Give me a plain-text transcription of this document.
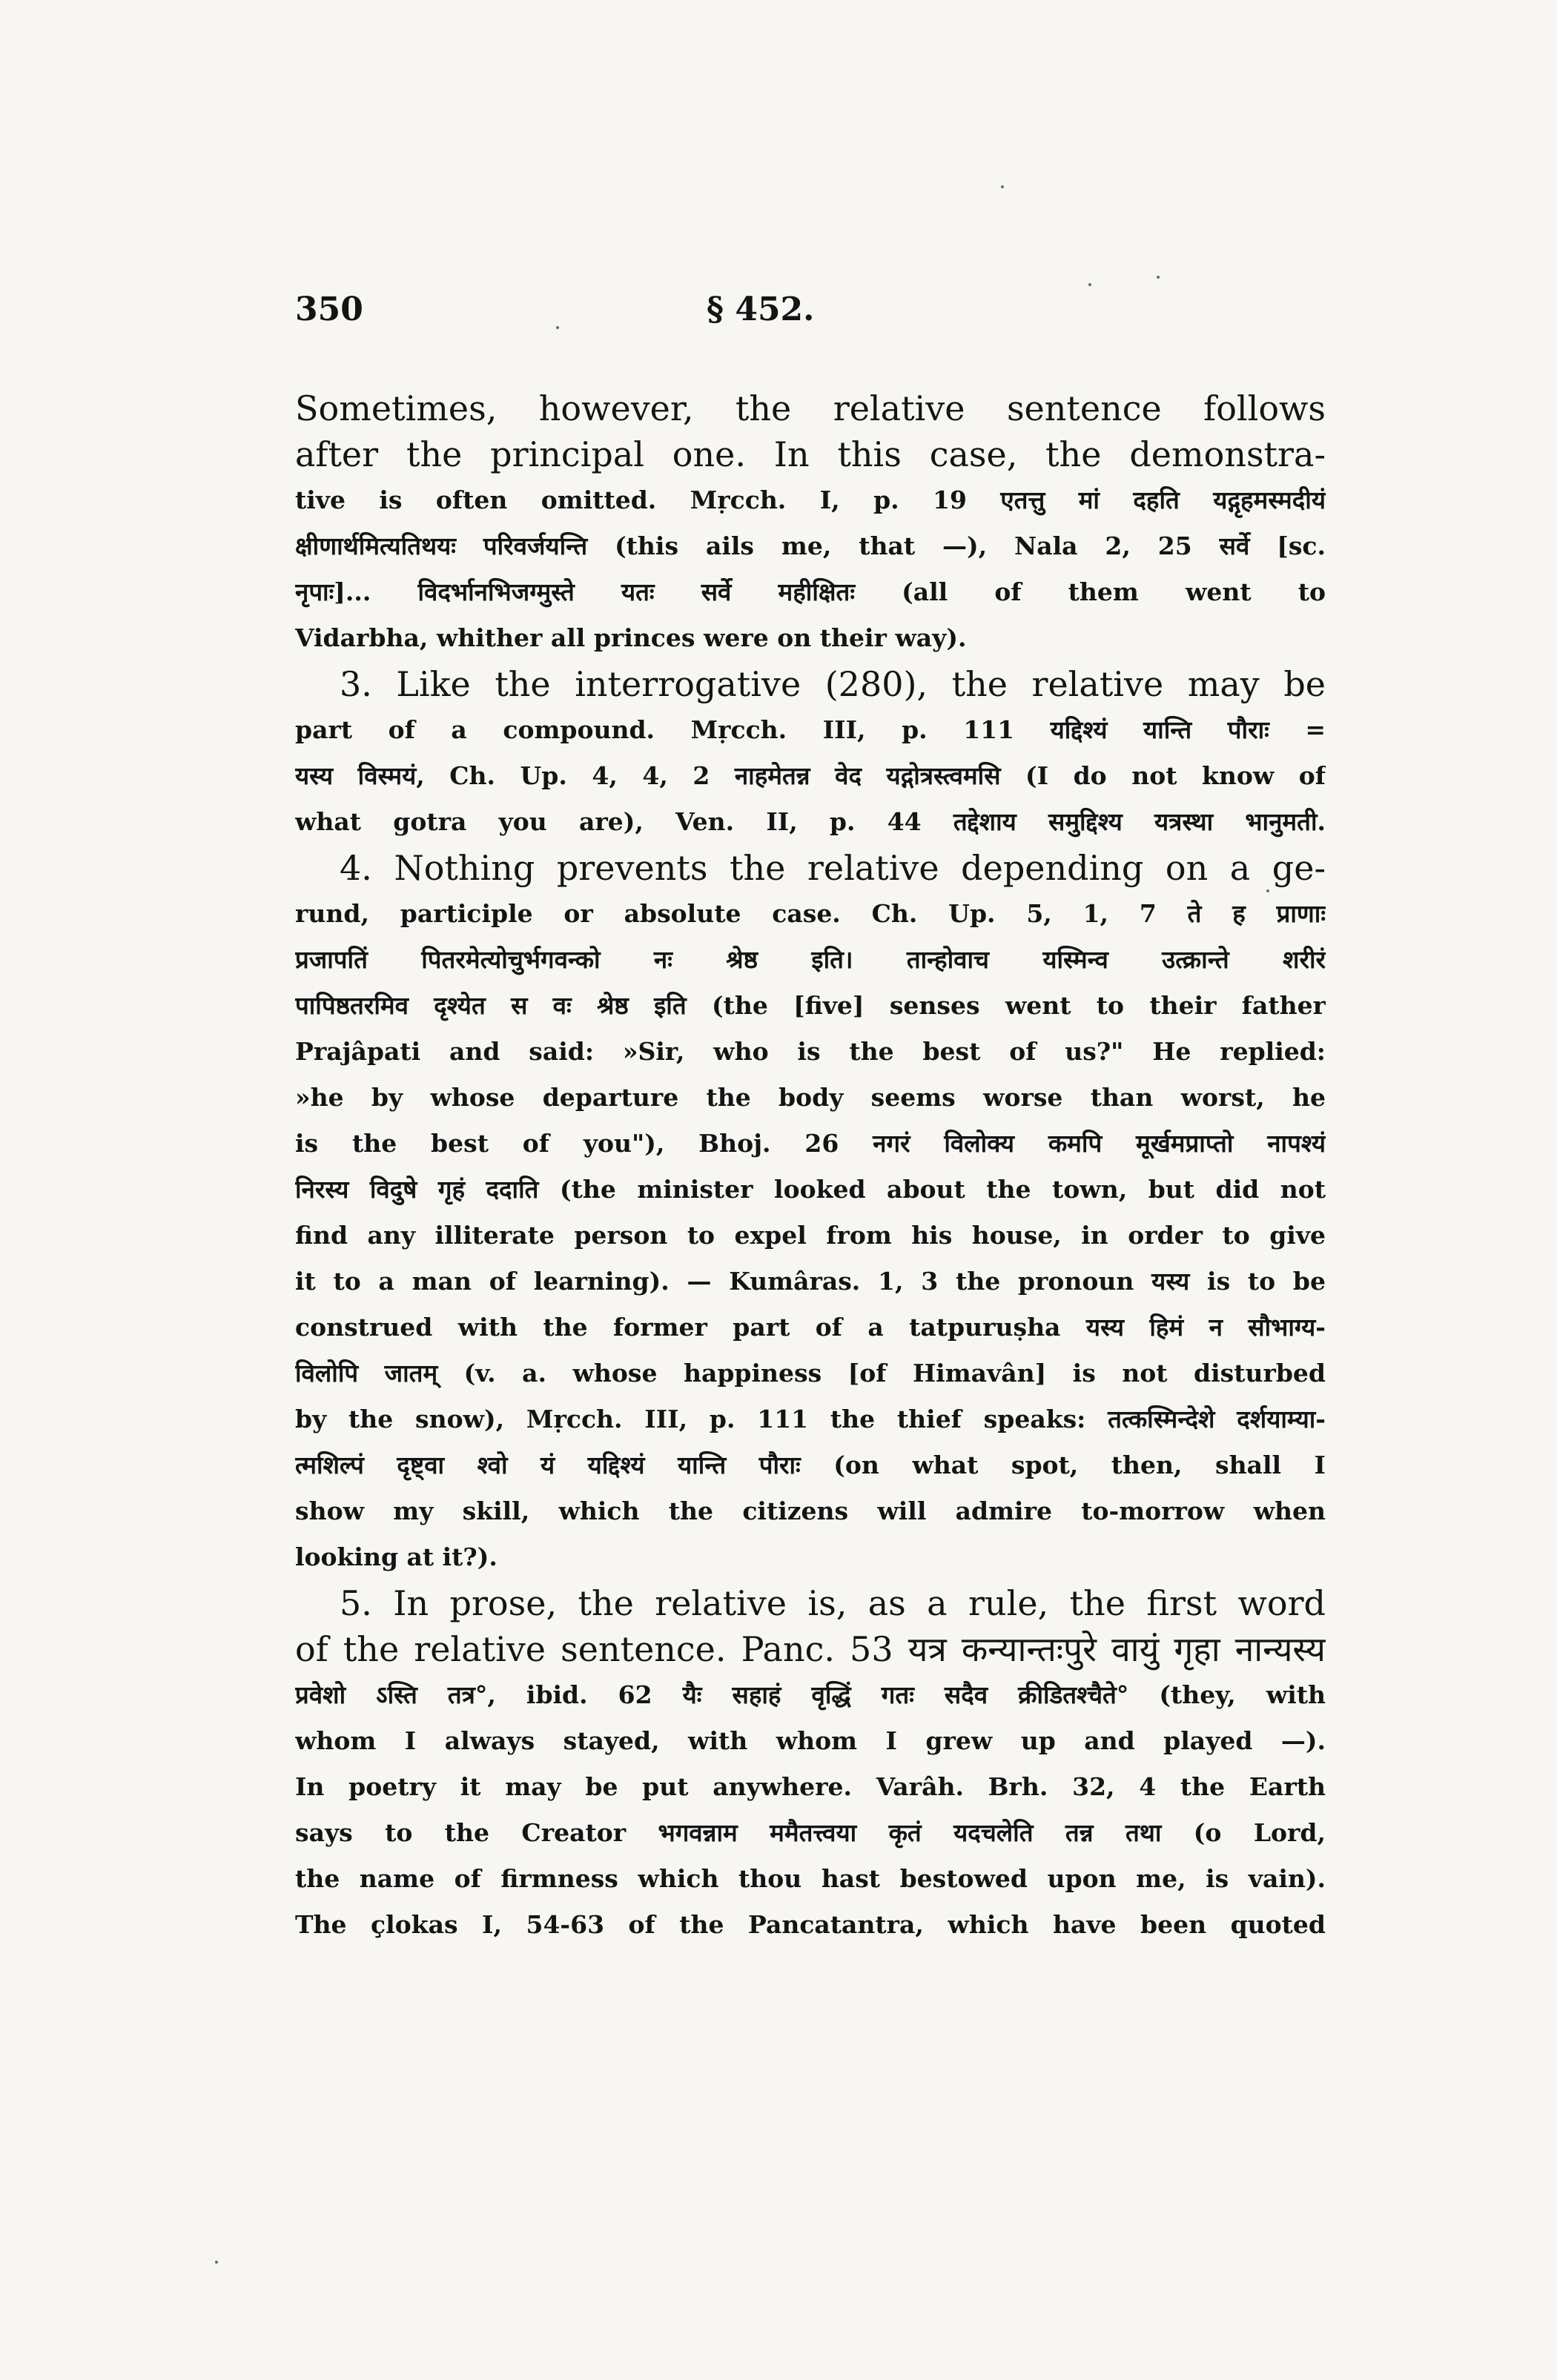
350	§ 452.
Sometimes, however, the relative sentence follows
after the principal one. In this case, the demonstra-
tive is often omitted. Mṛcch. I, p. 19 एतत्तु मां दहति यद्गृहमस्मदीयं
क्षीणार्थमित्यतिथयः परिवर्जयन्ति (this ails me, that —), Nala 2, 25 सर्वे [sc.
नृपाः]... विदर्भानभिजग्मुस्ते यतः सर्वे महीक्षितः (all of them went to
Vidarbha, whither all princes were on their way).
3. Like the interrogative (280), the relative may be
part of a compound. Mṛcch. III, p. 111 यद्दिश्यं यान्ति पौराः =
यस्य विस्मयं, Ch. Up. 4, 4, 2 नाहमेतन्न वेद यद्गोत्रस्त्वमसि (I do not know of
what gotra you are), Ven. II, p. 44 तद्देशाय समुद्दिश्य यत्रस्था भानुमती.
4. Nothing prevents the relative depending on a ge-
rund, participle or absolute case. Ch. Up. 5, 1, 7 ते ह प्राणाः
प्रजापतिं पितरमेत्योचुर्भगवन्को नः श्रेष्ठ इति। तान्होवाच यस्मिन्व उत्क्रान्ते शरीरं
पापिष्ठतरमिव दृश्येत स वः श्रेष्ठ इति (the [five] senses went to their father
Prajâpati and said: »Sir, who is the best of us?" He replied:
»he by whose departure the body seems worse than worst, he
is the best of you"), Bhoj. 26 नगरं विलोक्य कमपि मूर्खमप्राप्तो नापश्यं
निरस्य विदुषे गृहं ददाति (the minister looked about the town, but did not
find any illiterate person to expel from his house, in order to give
it to a man of learning). — Kumâras. 1, 3 the pronoun यस्य is to be
construed with the former part of a tatpuruṣha यस्य हिमं न सौभाग्य-
विलोपि जातम् (v. a. whose happiness [of Himavân] is not disturbed
by the snow), Mṛcch. III, p. 111 the thief speaks: तत्कस्मिन्देशे दर्शयाम्या-
त्मशिल्पं दृष्ट्वा श्वो यं यद्दिश्यं यान्ति पौराः (on what spot, then, shall I
show my skill, which the citizens will admire to-morrow when
looking at it?).
5. In prose, the relative is, as a rule, the first word
of the relative sentence. Panc. 53 यत्र कन्यान्तःपुरे वायुं गृहा नान्यस्य
प्रवेशो ऽस्ति तत्र°, ibid. 62 यैः सहाहं वृद्धिं गतः सदैव क्रीडितश्चैते° (they, with
whom I always stayed, with whom I grew up and played —).
In poetry it may be put anywhere. Varâh. Brh. 32, 4 the Earth
says to the Creator भगवन्नाम ममैतत्त्वया कृतं यदचलेति तन्न तथा (o Lord,
the name of firmness which thou hast bestowed upon me, is vain).
The çlokas I, 54-63 of the Pancatantra, which have been quoted
